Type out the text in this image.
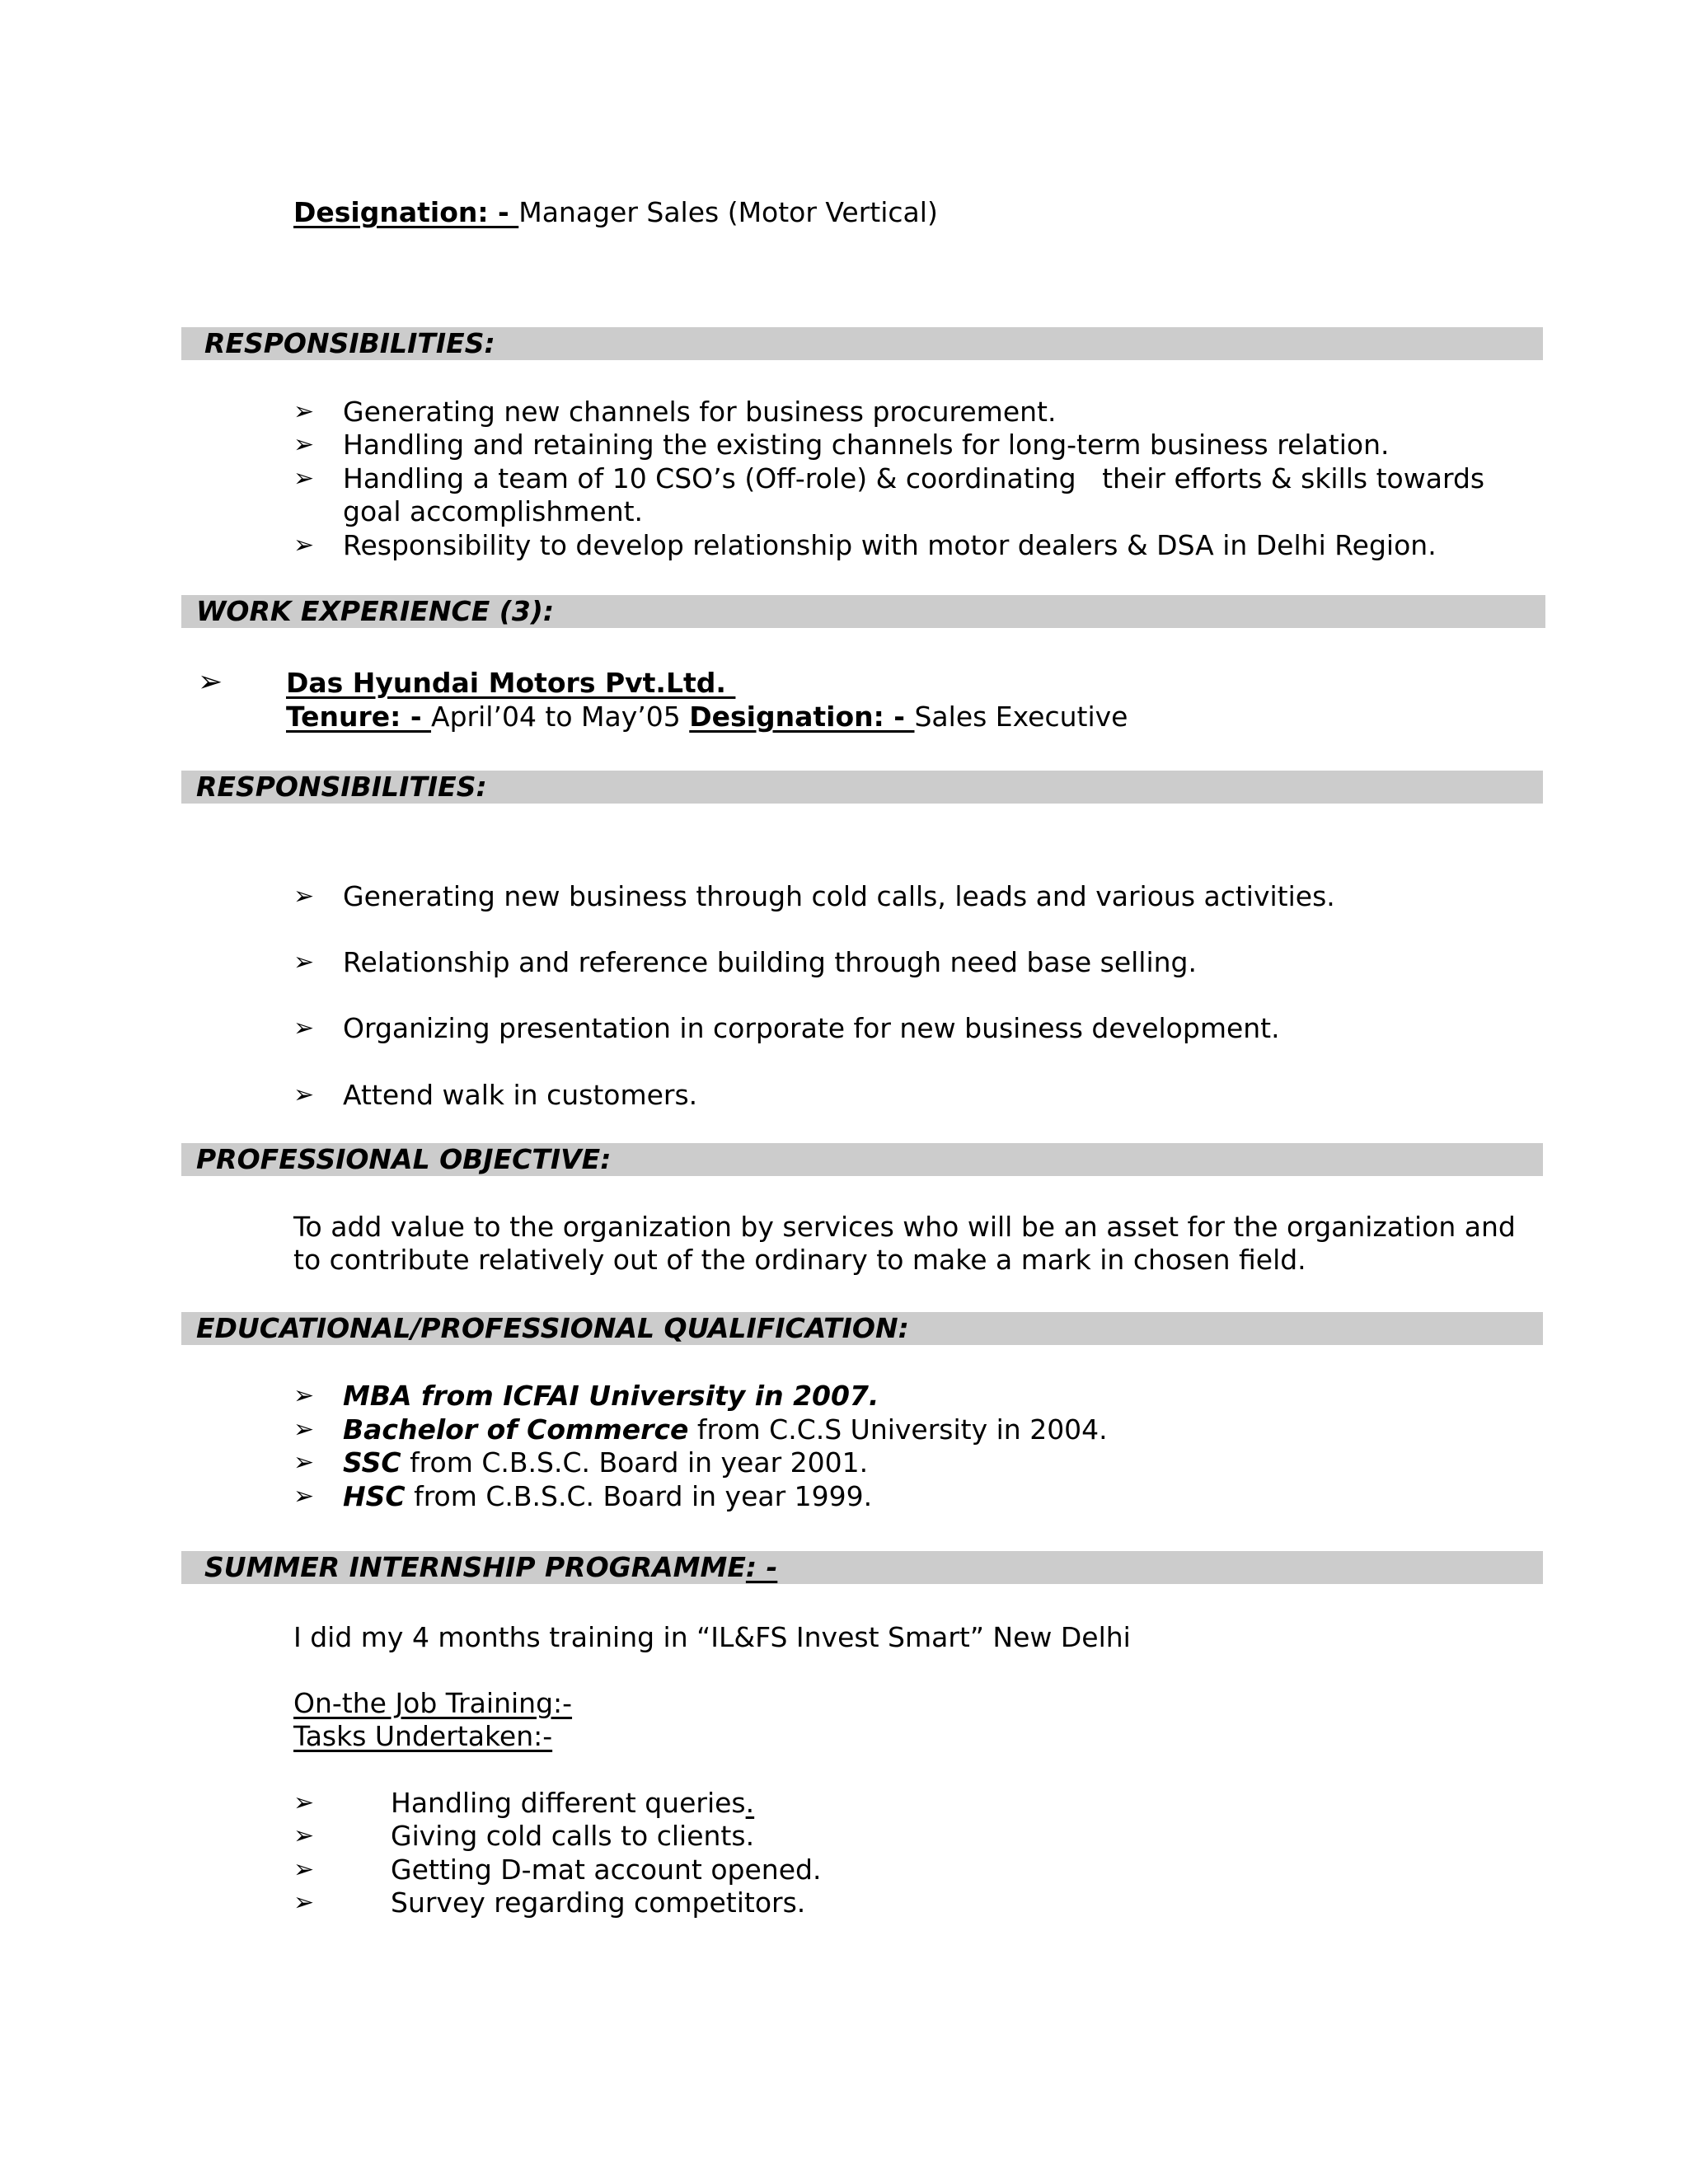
Designation: - Manager Sales (Motor Vertical)
RESPONSIBILITIES:
➢ Generating new channels for business procurement.
➢ Handling and retaining the existing channels for long-term business relation.
➢ Handling a team of 10 CSO’s (Off-role) & coordinating   their efforts & skills towards
goal accomplishment.
➢ Responsibility to develop relationship with motor dealers & DSA in Delhi Region.
WORK EXPERIENCE (3):
➢ Das Hyundai Motors Pvt.Ltd.
Tenure: - April’04 to May’05 Designation: - Sales Executive
RESPONSIBILITIES:
➢ Generating new business through cold calls, leads and various activities.
➢ Relationship and reference building through need base selling.
➢ Organizing presentation in corporate for new business development.
➢ Attend walk in customers.
PROFESSIONAL OBJECTIVE:
To add value to the organization by services who will be an asset for the organization and
to contribute relatively out of the ordinary to make a mark in chosen field.
EDUCATIONAL/PROFESSIONAL QUALIFICATION:
➢ MBA from ICFAI University in 2007.
➢ Bachelor of Commerce from C.C.S University in 2004.
➢ SSC from C.B.S.C. Board in year 2001.
➢ HSC from C.B.S.C. Board in year 1999.
SUMMER INTERNSHIP PROGRAMME: -
I did my 4 months training in “IL&FS Invest Smart” New Delhi
On-the Job Training:-
Tasks Undertaken:-
➢	Handling different queries.
➢	Giving cold calls to clients.
➢	Getting D-mat account opened.
➢	Survey regarding competitors.
